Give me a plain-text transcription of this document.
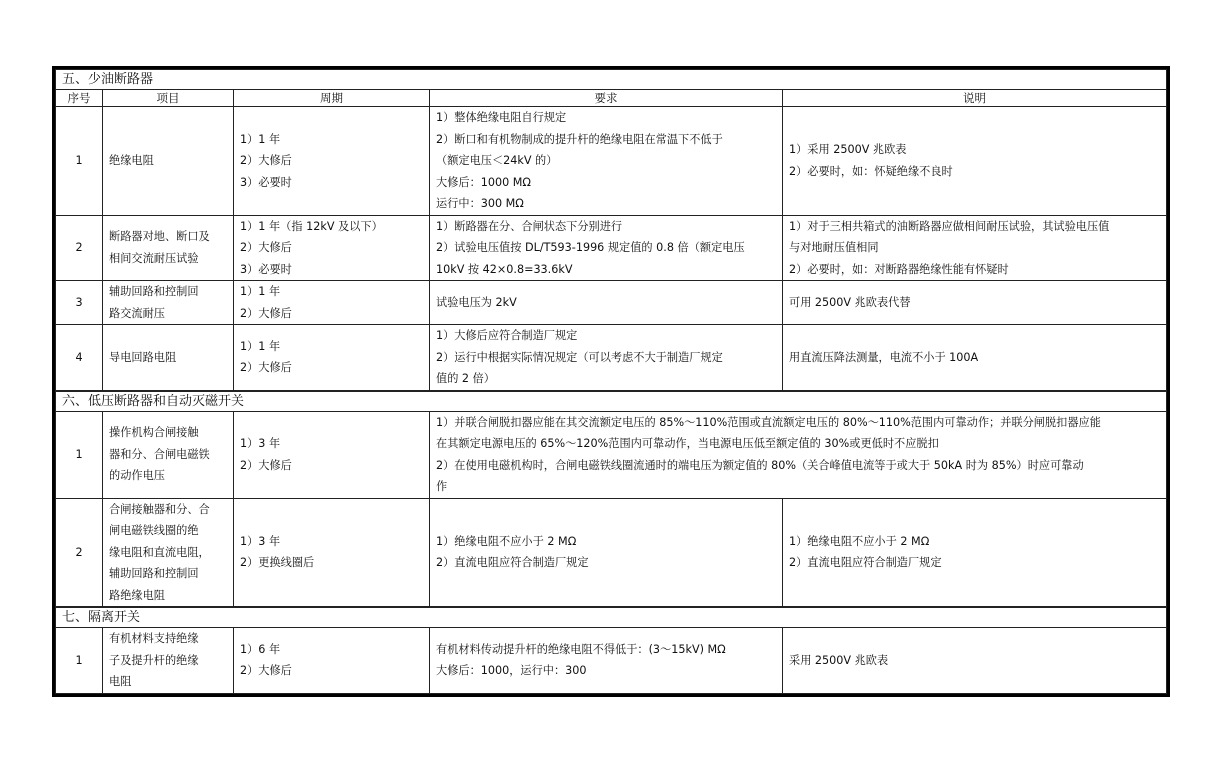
五、少油断路器				
序号	项目	周期	要求	说明
1	绝缘电阻	1）1 年
2）大修后
3）必要时	1）整体绝缘电阻自行规定
2）断口和有机物制成的提升杆的绝缘电阻在常温下不低于
（额定电压＜24kV 的）
大修后：1000 MΩ
运行中：300 MΩ	1）采用 2500V 兆欧表
2）必要时，如：怀疑绝缘不良时

2	断路器对地、断口及
相间交流耐压试验	1）1 年（指 12kV 及以下）
2）大修后
3）必要时	1）断路器在分、合闸状态下分别进行
2）试验电压值按 DL/T593-1996 规定值的 0.8 倍（额定电压
10kV 按 42×0.8=33.6kV	1）对于三相共箱式的油断路器应做相间耐压试验，其试验电压值
与对地耐压值相同
2）必要时，如：对断路器绝缘性能有怀疑时

3	辅助回路和控制回
路交流耐压	1）1 年
2）大修后	试验电压为 2kV	可用 2500V 兆欧表代替

4	导电回路电阻	1）1 年
2）大修后	1）大修后应符合制造厂规定
2）运行中根据实际情况规定（可以考虑不大于制造厂规定
值的 2 倍）	用直流压降法测量，电流不小于 100A

六、低压断路器和自动灭磁开关				
1	操作机构合闸接触
器和分、合闸电磁铁
的动作电压	1）3 年
2）大修后	1）并联合闸脱扣器应能在其交流额定电压的 85%～110%范围或直流额定电压的 80%～110%范围内可靠动作；并联分闸脱扣器应能
在其额定电源电压的 65%～120%范围内可靠动作，当电源电压低至额定值的 30%或更低时不应脱扣
2）在使用电磁机构时，合闸电磁铁线圈流通时的端电压为额定值的 80%（关合峰值电流等于或大于 50kA 时为 85%）时应可靠动
作	

2	合闸接触器和分、合
闸电磁铁线圈的绝
缘电阻和直流电阻，
辅助回路和控制回
路绝缘电阻	1）3 年
2）更换线圈后	1）绝缘电阻不应小于 2 MΩ
2）直流电阻应符合制造厂规定	1）绝缘电阻不应小于 2 MΩ
2）直流电阻应符合制造厂规定

七、隔离开关				
1	有机材料支持绝缘
子及提升杆的绝缘
电阻	1）6 年
2）大修后	有机材料传动提升杆的绝缘电阻不得低于：(3～15kV) MΩ
大修后：1000，运行中：300	采用 2500V 兆欧表
